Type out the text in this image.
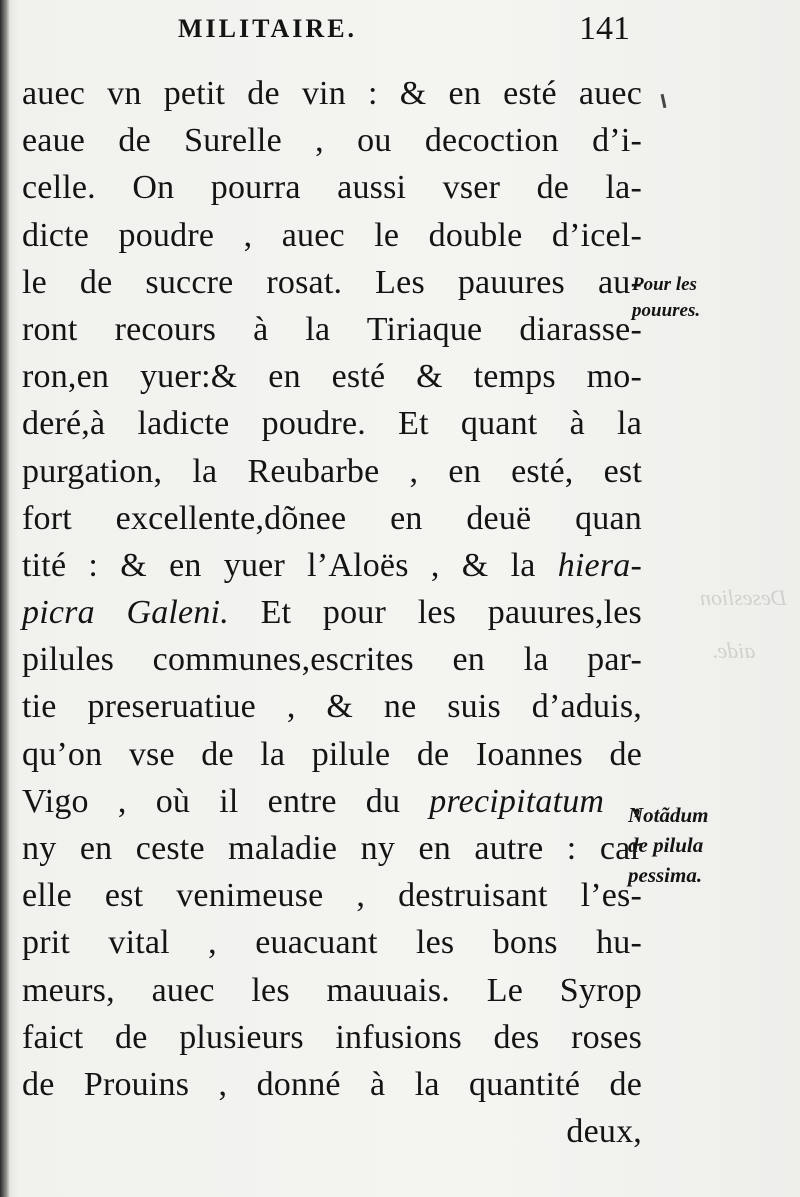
Deseslion
aide.
MILITAIRE.	141
auec vn petit de vin : & en esté auec
eaue de Surelle , ou decoction d’i-
celle. On pourra aussi vser de la-
dicte poudre , auec le double d’icel-
le de succre rosat. Les pauures au-
ront recours à la Tiriaque diarasse-
ron,en yuer:& en esté & temps mo-
deré,à ladicte poudre. Et quant à la
purgation, la Reubarbe , en esté, est
fort excellente,dõnee en deuë quan
tité : & en yuer l’Aloës , & la hiera-
picra Galeni. Et pour les pauures,les
pilules communes,escrites en la par-
tie preseruatiue , & ne suis d’aduis,
qu’on vse de la pilule de Ioannes de
Vigo , où il entre du precipitatum ,
ny en ceste maladie ny en autre : car
elle est venimeuse , destruisant l’es-
prit vital , euacuant les bons hu-
meurs, auec les mauuais. Le Syrop
faict de plusieurs infusions des roses
de Prouins , donné à la quantité de
deux,
Pour les
pouures.
Notãdum
de pilula
pessima.
